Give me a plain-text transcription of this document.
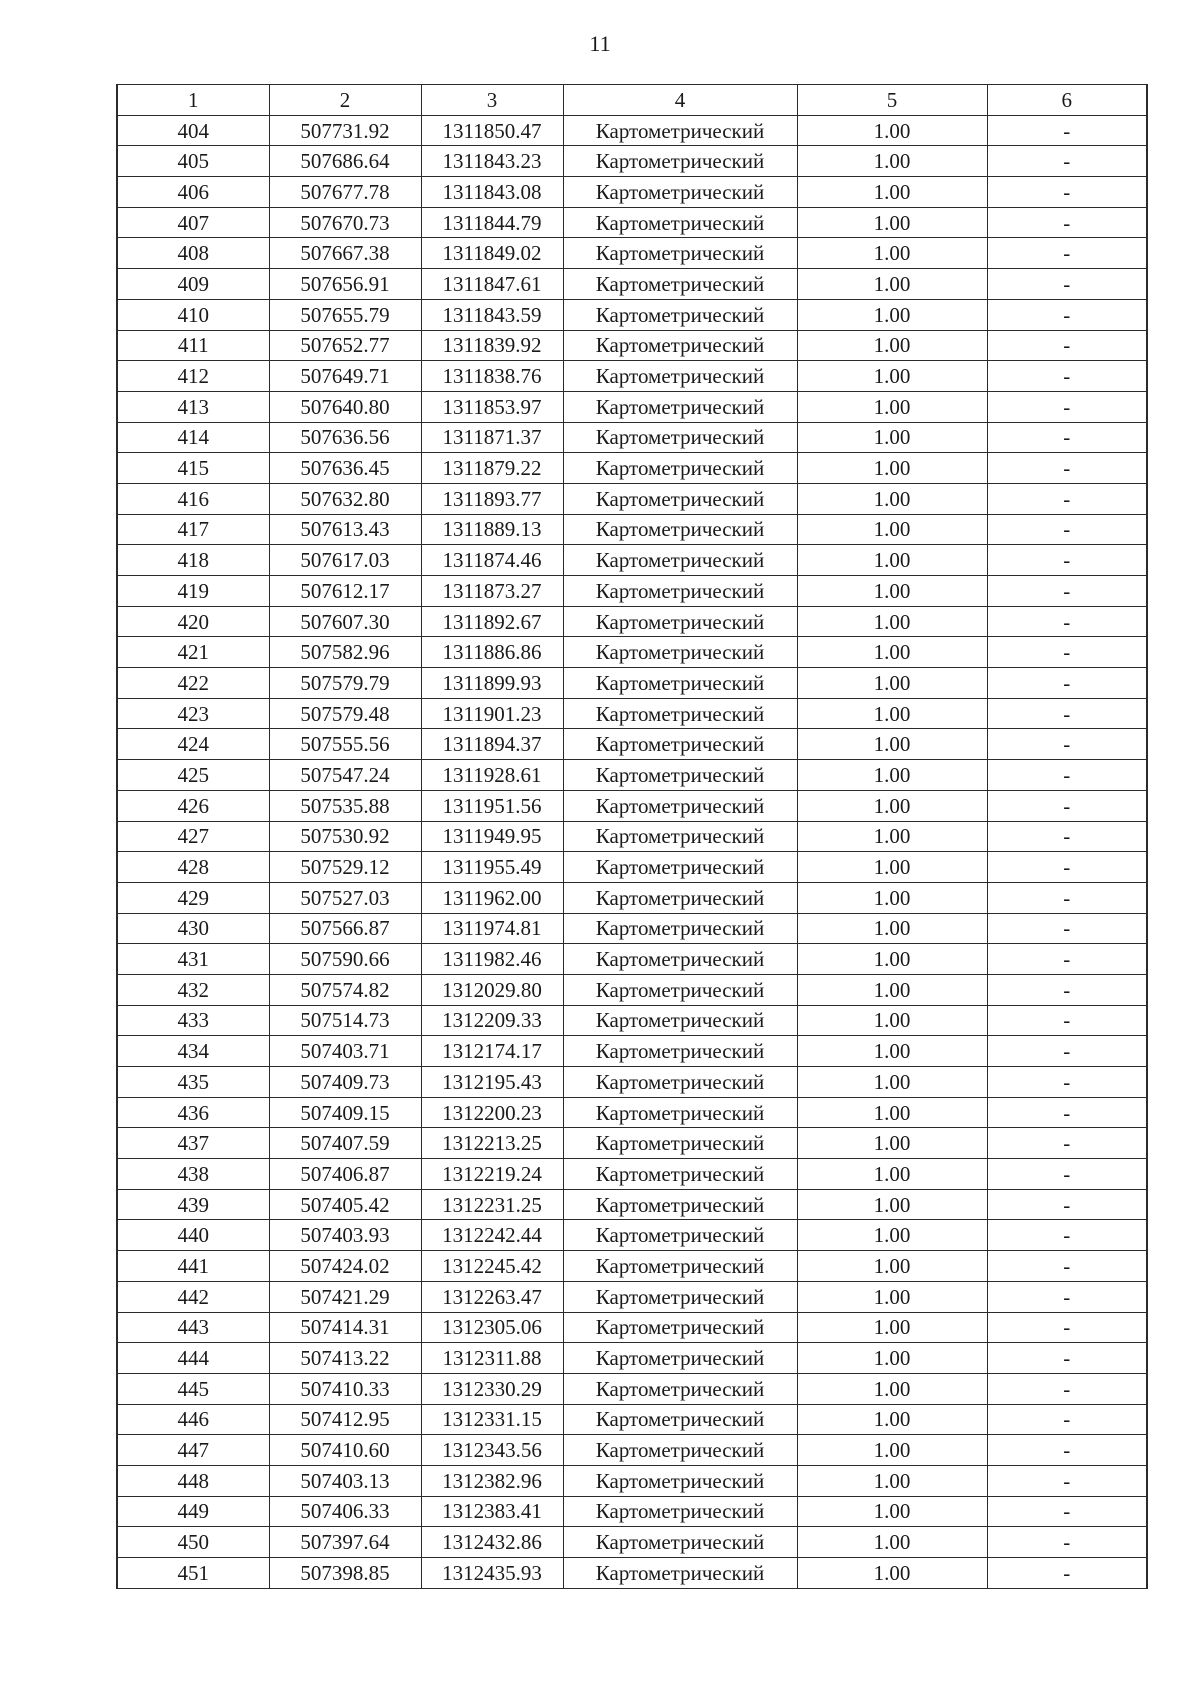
11
1	2	3	4	5	6
404	507731.92	1311850.47	Картометрический	1.00	-
405	507686.64	1311843.23	Картометрический	1.00	-
406	507677.78	1311843.08	Картометрический	1.00	-
407	507670.73	1311844.79	Картометрический	1.00	-
408	507667.38	1311849.02	Картометрический	1.00	-
409	507656.91	1311847.61	Картометрический	1.00	-
410	507655.79	1311843.59	Картометрический	1.00	-
411	507652.77	1311839.92	Картометрический	1.00	-
412	507649.71	1311838.76	Картометрический	1.00	-
413	507640.80	1311853.97	Картометрический	1.00	-
414	507636.56	1311871.37	Картометрический	1.00	-
415	507636.45	1311879.22	Картометрический	1.00	-
416	507632.80	1311893.77	Картометрический	1.00	-
417	507613.43	1311889.13	Картометрический	1.00	-
418	507617.03	1311874.46	Картометрический	1.00	-
419	507612.17	1311873.27	Картометрический	1.00	-
420	507607.30	1311892.67	Картометрический	1.00	-
421	507582.96	1311886.86	Картометрический	1.00	-
422	507579.79	1311899.93	Картометрический	1.00	-
423	507579.48	1311901.23	Картометрический	1.00	-
424	507555.56	1311894.37	Картометрический	1.00	-
425	507547.24	1311928.61	Картометрический	1.00	-
426	507535.88	1311951.56	Картометрический	1.00	-
427	507530.92	1311949.95	Картометрический	1.00	-
428	507529.12	1311955.49	Картометрический	1.00	-
429	507527.03	1311962.00	Картометрический	1.00	-
430	507566.87	1311974.81	Картометрический	1.00	-
431	507590.66	1311982.46	Картометрический	1.00	-
432	507574.82	1312029.80	Картометрический	1.00	-
433	507514.73	1312209.33	Картометрический	1.00	-
434	507403.71	1312174.17	Картометрический	1.00	-
435	507409.73	1312195.43	Картометрический	1.00	-
436	507409.15	1312200.23	Картометрический	1.00	-
437	507407.59	1312213.25	Картометрический	1.00	-
438	507406.87	1312219.24	Картометрический	1.00	-
439	507405.42	1312231.25	Картометрический	1.00	-
440	507403.93	1312242.44	Картометрический	1.00	-
441	507424.02	1312245.42	Картометрический	1.00	-
442	507421.29	1312263.47	Картометрический	1.00	-
443	507414.31	1312305.06	Картометрический	1.00	-
444	507413.22	1312311.88	Картометрический	1.00	-
445	507410.33	1312330.29	Картометрический	1.00	-
446	507412.95	1312331.15	Картометрический	1.00	-
447	507410.60	1312343.56	Картометрический	1.00	-
448	507403.13	1312382.96	Картометрический	1.00	-
449	507406.33	1312383.41	Картометрический	1.00	-
450	507397.64	1312432.86	Картометрический	1.00	-
451	507398.85	1312435.93	Картометрический	1.00	-
